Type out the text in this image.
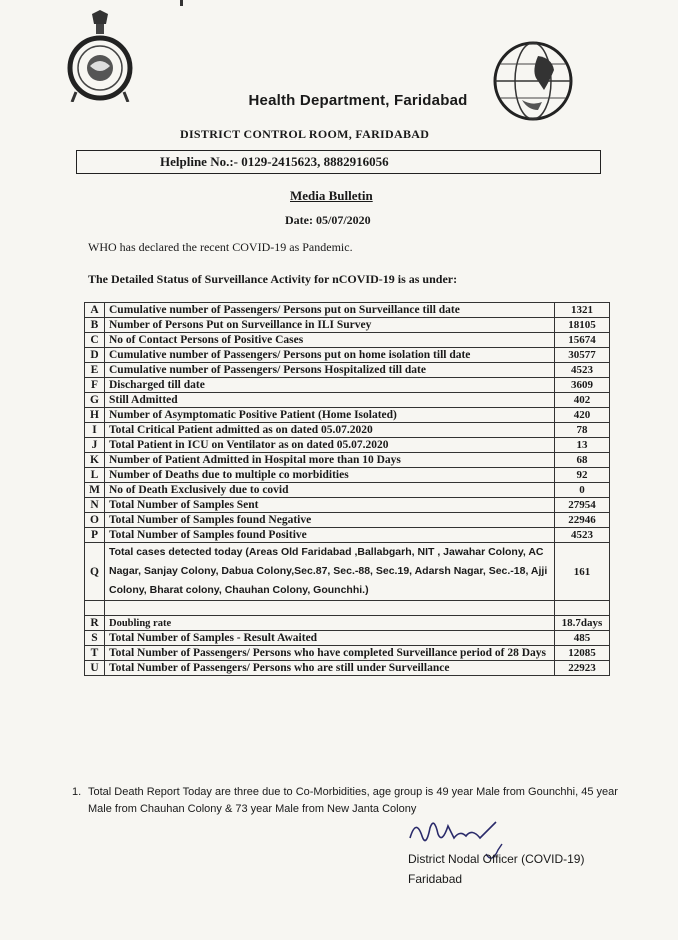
Health Department, Faridabad
DISTRICT CONTROL ROOM, FARIDABAD
Helpline No.:- 0129-2415623, 8882916056
Media Bulletin
Date: 05/07/2020
WHO has declared the recent COVID-19 as Pandemic.
The Detailed Status of Surveillance Activity for nCOVID-19 is as under:
A	Cumulative number of Passengers/ Persons put on Surveillance till date	1321
B	Number of Persons Put on Surveillance in ILI Survey	18105
C	No of Contact Persons of Positive Cases	15674
D	Cumulative number of Passengers/ Persons put on home isolation till date	30577
E	Cumulative number of Passengers/ Persons Hospitalized till date	4523
F	Discharged till date	3609
G	Still Admitted	402
H	Number of Asymptomatic Positive Patient (Home Isolated)	420
I	Total Critical Patient admitted as on dated 05.07.2020	78
J	Total Patient in ICU on Ventilator as on dated 05.07.2020	13
K	Number of Patient Admitted in Hospital more than 10 Days	68
L	Number of Deaths due to multiple co morbidities	92
M	No of Death Exclusively due to covid	0
N	Total Number of Samples Sent	27954
O	Total Number of Samples found Negative	22946
P	Total Number of Samples found Positive	4523
Q	Total cases detected today (Areas Old Faridabad ,Ballabgarh, NIT , Jawahar Colony, AC Nagar, Sanjay Colony, Dabua Colony,Sec.87, Sec.-88, Sec.19, Adarsh Nagar, Sec.-18, Ajji Colony, Bharat colony, Chauhan Colony, Gounchhi.)	161

R	Doubling rate	18.7days
S	Total Number of Samples - Result Awaited	485
T	Total Number of Passengers/ Persons who have completed Surveillance period of 28 Days	12085
U	Total Number of Passengers/ Persons who are still under Surveillance	22923
1. Total Death Report Today are three due to Co-Morbidities, age group is 49 year Male from Gounchhi, 45 year Male from Chauhan Colony & 73 year Male from New Janta Colony
District Nodal Officer (COVID-19)
Faridabad
